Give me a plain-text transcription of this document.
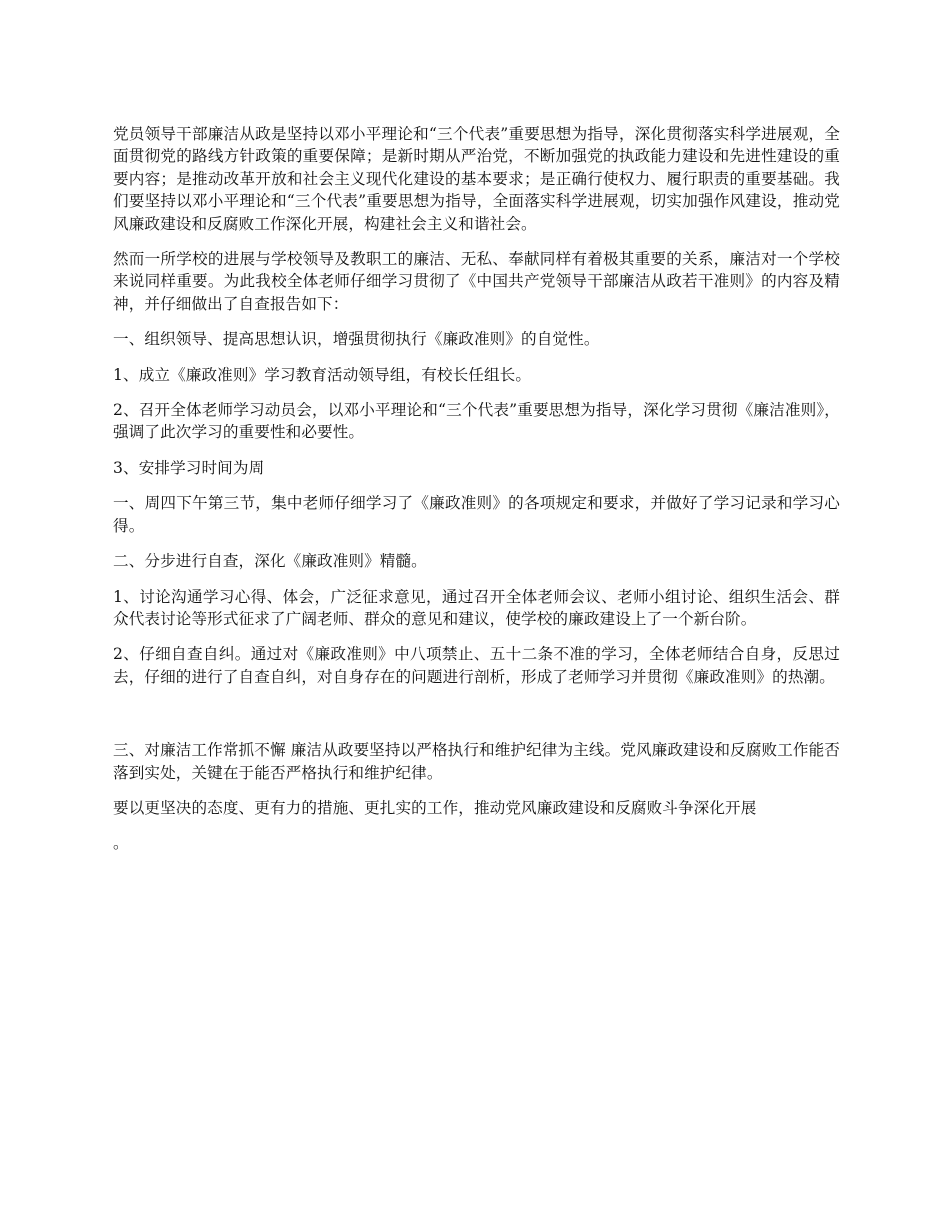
党员领导干部廉洁从政是坚持以邓小平理论和“三个代表”重要思想为指导，深化贯彻落实科学进展观，全面贯彻党的路线方针政策的重要保障；是新时期从严治党，不断加强党的执政能力建设和先进性建设的重要内容；是推动改革开放和社会主义现代化建设的基本要求；是正确行使权力、履行职责的重要基础。我们要坚持以邓小平理论和“三个代表”重要思想为指导，全面落实科学进展观，切实加强作风建设，推动党风廉政建设和反腐败工作深化开展，构建社会主义和谐社会。

然而一所学校的进展与学校领导及教职工的廉洁、无私、奉献同样有着极其重要的关系，廉洁对一个学校来说同样重要。为此我校全体老师仔细学习贯彻了《中国共产党领导干部廉洁从政若干准则》的内容及精神，并仔细做出了自查报告如下：

一、组织领导、提高思想认识，增强贯彻执行《廉政准则》的自觉性。

1、成立《廉政准则》学习教育活动领导组，有校长任组长。

2、召开全体老师学习动员会，以邓小平理论和“三个代表”重要思想为指导，深化学习贯彻《廉洁准则》，强调了此次学习的重要性和必要性。

3、安排学习时间为周

一、周四下午第三节，集中老师仔细学习了《廉政准则》的各项规定和要求，并做好了学习记录和学习心得。

二、分步进行自查，深化《廉政准则》精髓。

1、讨论沟通学习心得、体会，广泛征求意见，通过召开全体老师会议、老师小组讨论、组织生活会、群众代表讨论等形式征求了广阔老师、群众的意见和建议，使学校的廉政建设上了一个新台阶。

2、仔细自查自纠。通过对《廉政准则》中八项禁止、五十二条不准的学习，全体老师结合自身，反思过去，仔细的进行了自查自纠，对自身存在的问题进行剖析，形成了老师学习并贯彻《廉政准则》的热潮。

三、对廉洁工作常抓不懈 廉洁从政要坚持以严格执行和维护纪律为主线。党风廉政建设和反腐败工作能否落到实处，关键在于能否严格执行和维护纪律。

要以更坚决的态度、更有力的措施、更扎实的工作，推动党风廉政建设和反腐败斗争深化开展

。
